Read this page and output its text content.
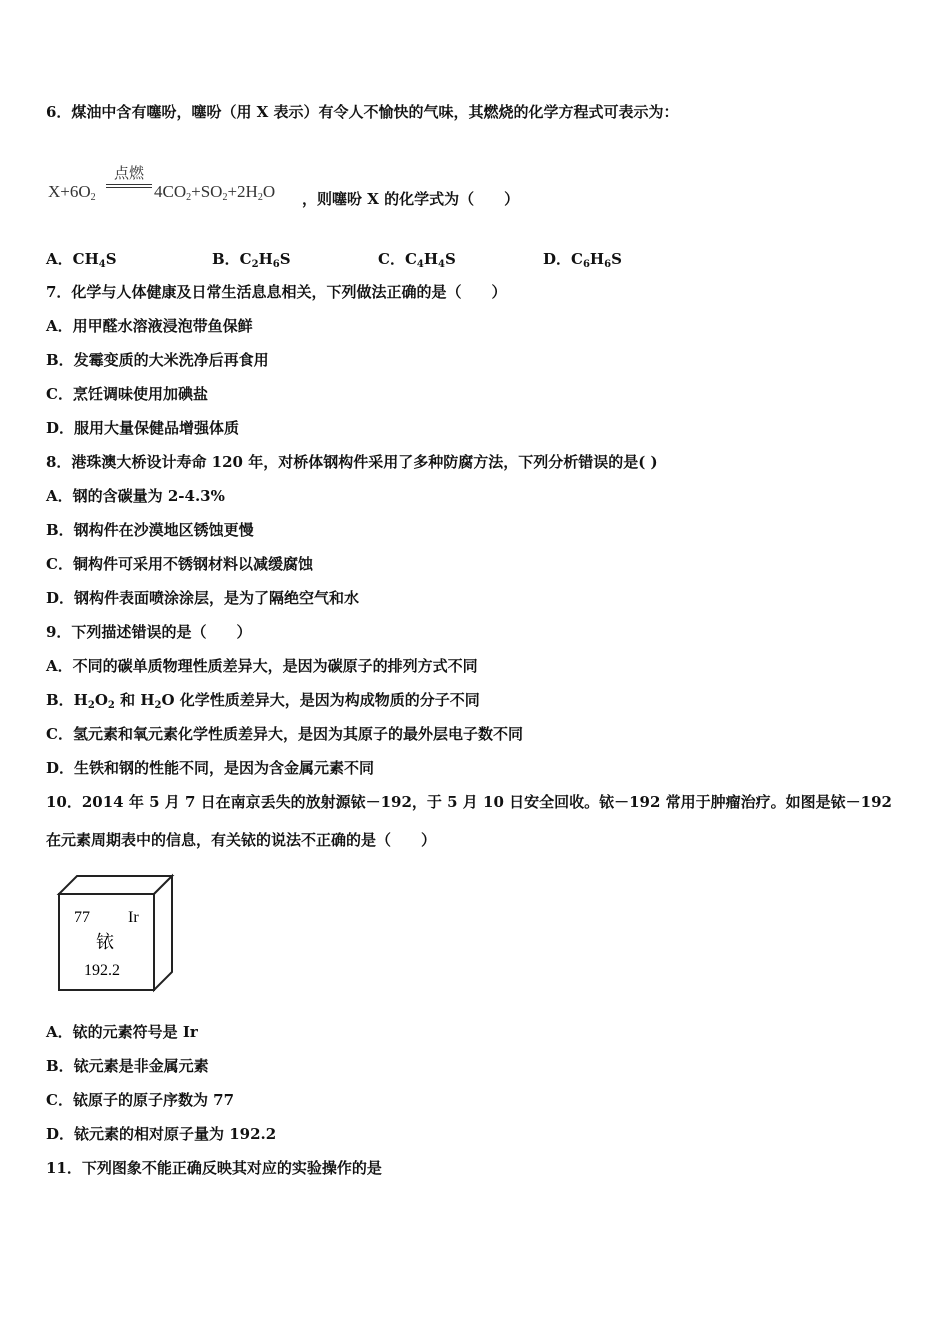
6．煤油中含有噻吩，噻吩（用 X 表示）有令人不愉快的气味，其燃烧的化学方程式可表示为：
$X+6O_2$
点燃
$4CO_2+SO_2+2H_2O$ ，则噻吩 X 的化学式为（　　）
A．$CH_4S$	B．$C_2H_6S$	C．$C_4H_4S$	D．$C_6H_6S$
7．化学与人体健康及日常生活息息相关，下列做法正确的是（　　）
A．用甲醛水溶液浸泡带鱼保鲜
B．发霉变质的大米洗净后再食用
C．烹饪调味使用加碘盐
D．服用大量保健品增强体质
8．港珠澳大桥设计寿命 120 年，对桥体钢构件采用了多种防腐方法，下列分析错误的是( )
A．钢的含碳量为 2-4.3%
B．钢构件在沙漠地区锈蚀更慢
C．铜构件可采用不锈钢材料以减缓腐蚀
D．钢构件表面喷涂涂层，是为了隔绝空气和水
9．下列描述错误的是（　　）
A．不同的碳单质物理性质差异大，是因为碳原子的排列方式不同
B．$H_2O_2$ 和 $H_2O$ 化学性质差异大，是因为构成物质的分子不同
C．氢元素和氧元素化学性质差异大，是因为其原子的最外层电子数不同
D．生铁和钢的性能不同，是因为含金属元素不同
10．2014 年 5 月 7 日在南京丢失的放射源铱－192，于 5 月 10 日安全回收。铱－192 常用于肿瘤治疗。如图是铱－192
在元素周期表中的信息，有关铱的说法不正确的是（　　）
77 Ir
铱
192.2
A．铱的元素符号是 Ir
B．铱元素是非金属元素
C．铱原子的原子序数为 77
D．铱元素的相对原子量为 192.2
11．下列图象不能正确反映其对应的实验操作的是
